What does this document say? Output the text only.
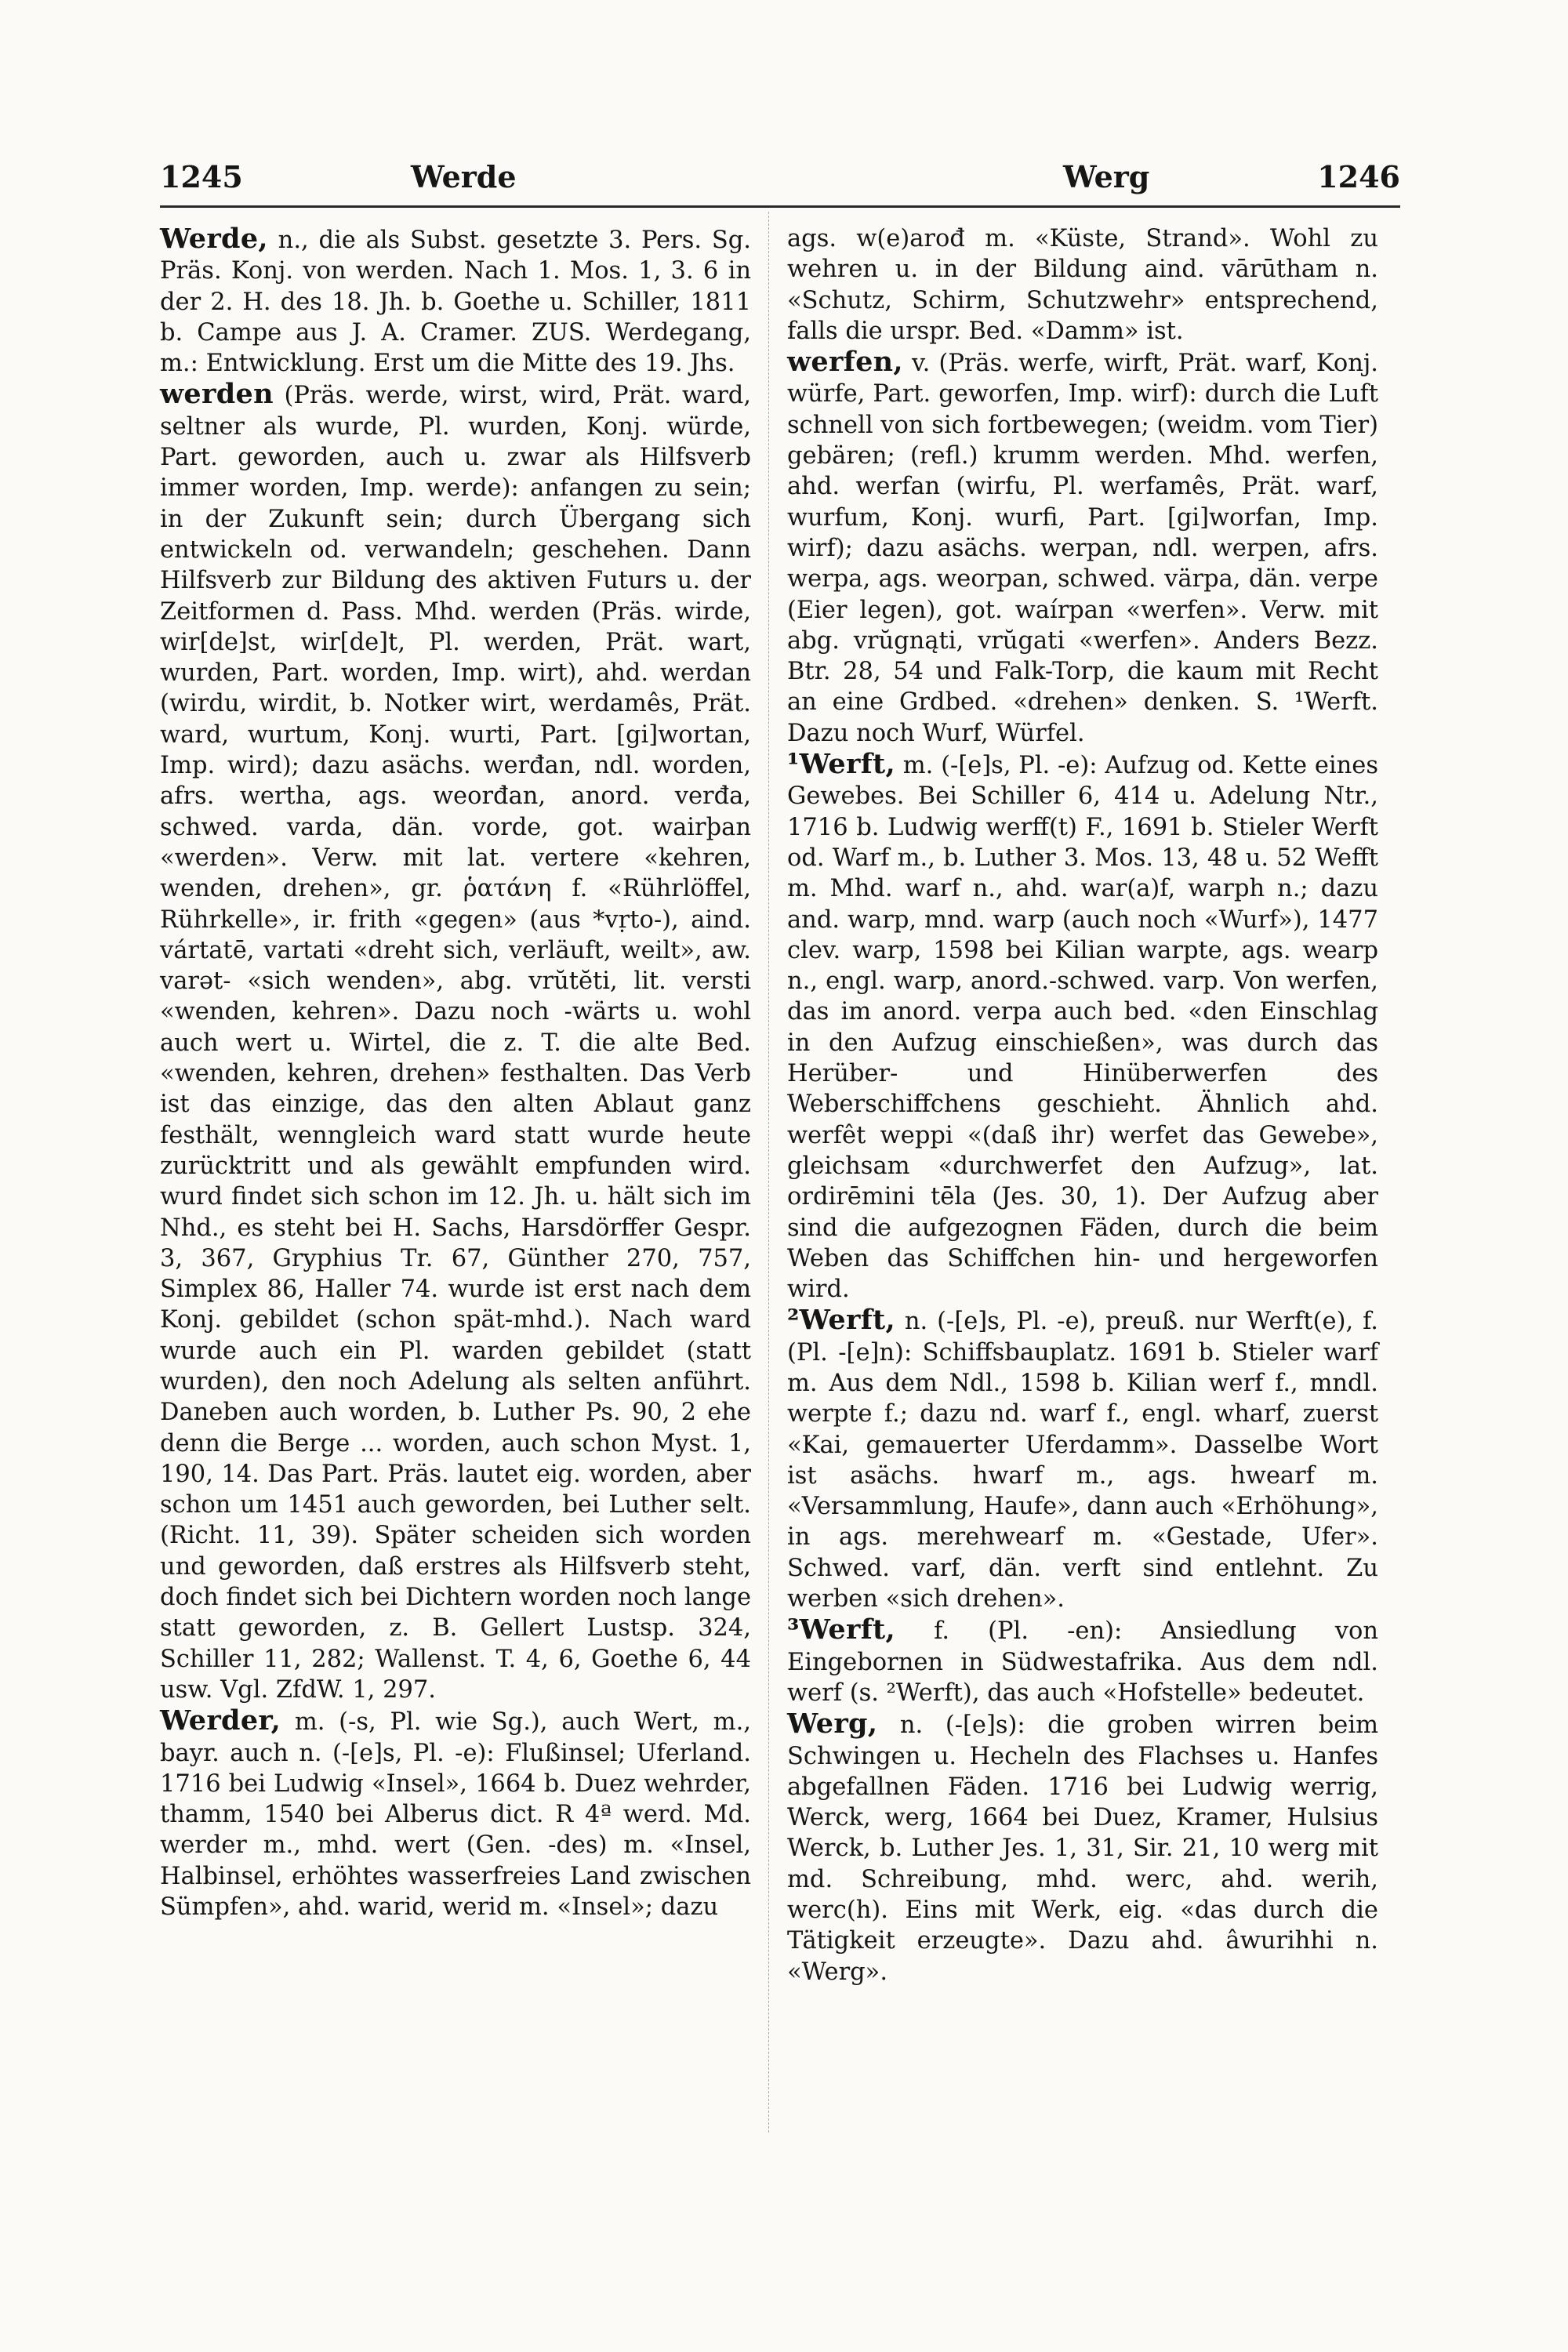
1245	Werde	Werg	1246

Werde, n., die als Subst. gesetzte 3. Pers. Sg. Präs. Konj. von werden. Nach 1. Mos. 1, 3. 6 in der 2. H. des 18. Jh. b. Goethe u. Schiller, 1811 b. Campe aus J. A. Cramer. ZUS. Werdegang, m.: Entwicklung. Erst um die Mitte des 19. Jhs.

werden (Präs. werde, wirst, wird, Prät. ward, seltner als wurde, Pl. wurden, Konj. würde, Part. geworden, auch u. zwar als Hilfsverb immer worden, Imp. werde): anfangen zu sein; in der Zukunft sein; durch Übergang sich entwickeln od. verwandeln; geschehen. Dann Hilfsverb zur Bildung des aktiven Futurs u. der Zeitformen d. Pass. Mhd. werden (Präs. wirde, wir[de]st, wir[de]t, Pl. werden, Prät. wart, wurden, Part. worden, Imp. wirt), ahd. werdan (wirdu, wirdit, b. Notker wirt, werdamês, Prät. ward, wurtum, Konj. wurti, Part. [gi]wortan, Imp. wird); dazu asächs. werđan, ndl. worden, afrs. wertha, ags. weorđan, anord. verđa, schwed. varda, dän. vorde, got. wairþan «werden». Verw. mit lat. vertere «kehren, wenden, drehen», gr. ῥατάνη f. «Rührlöffel, Rührkelle», ir. frith «gegen» (aus *vṛto-), aind. vártatē, vartati «dreht sich, verläuft, weilt», aw. varət- «sich wenden», abg. vrŭtĕti, lit. versti «wenden, kehren». Dazu noch -wärts u. wohl auch wert u. Wirtel, die z. T. die alte Bed. «wenden, kehren, drehen» festhalten. Das Verb ist das einzige, das den alten Ablaut ganz festhält, wenngleich ward statt wurde heute zurücktritt und als gewählt empfunden wird. wurd findet sich schon im 12. Jh. u. hält sich im Nhd., es steht bei H. Sachs, Harsdörffer Gespr. 3, 367, Gryphius Tr. 67, Günther 270, 757, Simplex 86, Haller 74. wurde ist erst nach dem Konj. gebildet (schon spät-mhd.). Nach ward wurde auch ein Pl. warden gebildet (statt wurden), den noch Adelung als selten anführt. Daneben auch worden, b. Luther Ps. 90, 2 ehe denn die Berge ... worden, auch schon Myst. 1, 190, 14. Das Part. Präs. lautet eig. worden, aber schon um 1451 auch geworden, bei Luther selt. (Richt. 11, 39). Später scheiden sich worden und geworden, daß erstres als Hilfsverb steht, doch findet sich bei Dichtern worden noch lange statt geworden, z. B. Gellert Lustsp. 324, Schiller 11, 282; Wallenst. T. 4, 6, Goethe 6, 44 usw. Vgl. ZfdW. 1, 297.

Werder, m. (-s, Pl. wie Sg.), auch Wert, m., bayr. auch n. (-[e]s, Pl. -e): Flußinsel; Uferland. 1716 bei Ludwig «Insel», 1664 b. Duez wehrder, thamm, 1540 bei Alberus dict. R 4ª werd. Md. werder m., mhd. wert (Gen. -des) m. «Insel, Halbinsel, erhöhtes wasserfreies Land zwischen Sümpfen», ahd. warid, werid m. «Insel»; dazu

ags. w(e)arođ m. «Küste, Strand». Wohl zu wehren u. in der Bildung aind. vārūtham n. «Schutz, Schirm, Schutzwehr» entsprechend, falls die urspr. Bed. «Damm» ist.

werfen, v. (Präs. werfe, wirft, Prät. warf, Konj. würfe, Part. geworfen, Imp. wirf): durch die Luft schnell von sich fortbewegen; (weidm. vom Tier) gebären; (refl.) krumm werden. Mhd. werfen, ahd. werfan (wirfu, Pl. werfamês, Prät. warf, wurfum, Konj. wurfi, Part. [gi]worfan, Imp. wirf); dazu asächs. werpan, ndl. werpen, afrs. werpa, ags. weorpan, schwed. värpa, dän. verpe (Eier legen), got. waírpan «werfen». Verw. mit abg. vrŭgnąti, vrŭgati «werfen». Anders Bezz. Btr. 28, 54 und Falk-Torp, die kaum mit Recht an eine Grdbed. «drehen» denken. S. ¹Werft. Dazu noch Wurf, Würfel.

¹Werft, m. (-[e]s, Pl. -e): Aufzug od. Kette eines Gewebes. Bei Schiller 6, 414 u. Adelung Ntr., 1716 b. Ludwig werff(t) F., 1691 b. Stieler Werft od. Warf m., b. Luther 3. Mos. 13, 48 u. 52 Wefft m. Mhd. warf n., ahd. war(a)f, warph n.; dazu and. warp, mnd. warp (auch noch «Wurf»), 1477 clev. warp, 1598 bei Kilian warpte, ags. wearp n., engl. warp, anord.-schwed. varp. Von werfen, das im anord. verpa auch bed. «den Einschlag in den Aufzug einschießen», was durch das Herüber- und Hinüberwerfen des Weberschiffchens geschieht. Ähnlich ahd. werfêt weppi «(daß ihr) werfet das Gewebe», gleichsam «durchwerfet den Aufzug», lat. ordirēmini tēla (Jes. 30, 1). Der Aufzug aber sind die aufgezognen Fäden, durch die beim Weben das Schiffchen hin- und hergeworfen wird.

²Werft, n. (-[e]s, Pl. -e), preuß. nur Werft(e), f. (Pl. -[e]n): Schiffsbauplatz. 1691 b. Stieler warf m. Aus dem Ndl., 1598 b. Kilian werf f., mndl. werpte f.; dazu nd. warf f., engl. wharf, zuerst «Kai, gemauerter Uferdamm». Dasselbe Wort ist asächs. hwarf m., ags. hwearf m. «Versammlung, Haufe», dann auch «Erhöhung», in ags. merehwearf m. «Gestade, Ufer». Schwed. varf, dän. verft sind entlehnt. Zu werben «sich drehen».

³Werft, f. (Pl. -en): Ansiedlung von Eingebornen in Südwestafrika. Aus dem ndl. werf (s. ²Werft), das auch «Hofstelle» bedeutet.

Werg, n. (-[e]s): die groben wirren beim Schwingen u. Hecheln des Flachses u. Hanfes abgefallnen Fäden. 1716 bei Ludwig werrig, Werck, werg, 1664 bei Duez, Kramer, Hulsius Werck, b. Luther Jes. 1, 31, Sir. 21, 10 werg mit md. Schreibung, mhd. werc, ahd. werih, werc(h). Eins mit Werk, eig. «das durch die Tätigkeit erzeugte». Dazu ahd. âwurihhi n. «Werg».
